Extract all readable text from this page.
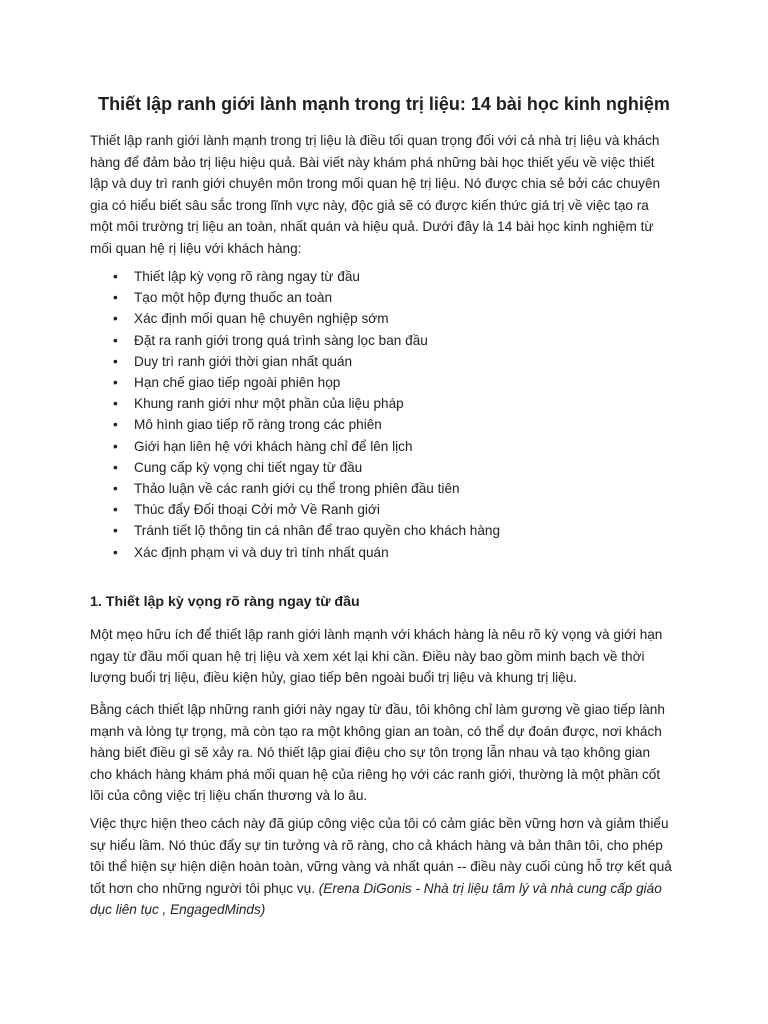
Thiết lập ranh giới lành mạnh trong trị liệu: 14 bài học kinh nghiệm

Thiết lập ranh giới lành mạnh trong trị liệu là điều tối quan trọng đối với cả nhà trị liệu và khách hàng để đảm bảo trị liệu hiệu quả. Bài viết này khám phá những bài học thiết yếu về việc thiết lập và duy trì ranh giới chuyên môn trong mối quan hệ trị liệu. Nó được chia sẻ bởi các chuyên gia có hiểu biết sâu sắc trong lĩnh vực này, độc giả sẽ có được kiến thức giá trị về việc tạo ra một môi trường trị liệu an toàn, nhất quán và hiệu quả. Dưới đây là 14 bài học kinh nghiệm từ mối quan hệ rị liệu với khách hàng:

• Thiết lập kỳ vọng rõ ràng ngay từ đầu
• Tạo một hộp đựng thuốc an toàn
• Xác định mối quan hệ chuyên nghiệp sớm
• Đặt ra ranh giới trong quá trình sàng lọc ban đầu
• Duy trì ranh giới thời gian nhất quán
• Hạn chế giao tiếp ngoài phiên họp
• Khung ranh giới như một phần của liệu pháp
• Mô hình giao tiếp rõ ràng trong các phiên
• Giới hạn liên hệ với khách hàng chỉ để lên lịch
• Cung cấp kỳ vọng chi tiết ngay từ đầu
• Thảo luận về các ranh giới cụ thể trong phiên đầu tiên
• Thúc đẩy Đối thoại Cởi mở Về Ranh giới
• Tránh tiết lộ thông tin cá nhân để trao quyền cho khách hàng
• Xác định phạm vi và duy trì tính nhất quán
1. Thiết lập kỳ vọng rõ ràng ngay từ đầu

Một mẹo hữu ích để thiết lập ranh giới lành mạnh với khách hàng là nêu rõ kỳ vọng và giới hạn ngay từ đầu mối quan hệ trị liệu và xem xét lại khi cần. Điều này bao gồm minh bạch về thời lượng buổi trị liệu, điều kiện hủy, giao tiếp bên ngoài buổi trị liệu và khung trị liệu.

Bằng cách thiết lập những ranh giới này ngay từ đầu, tôi không chỉ làm gương về giao tiếp lành mạnh và lòng tự trọng, mà còn tạo ra một không gian an toàn, có thể dự đoán được, nơi khách hàng biết điều gì sẽ xảy ra. Nó thiết lập giai điệu cho sự tôn trọng lẫn nhau và tạo không gian cho khách hàng khám phá mối quan hệ của riêng họ với các ranh giới, thường là một phần cốt lõi của công việc trị liệu chấn thương và lo âu.

Việc thực hiện theo cách này đã giúp công việc của tôi có cảm giác bền vững hơn và giảm thiểu sự hiểu lầm. Nó thúc đẩy sự tin tưởng và rõ ràng, cho cả khách hàng và bản thân tôi, cho phép tôi thể hiện sự hiện diện hoàn toàn, vững vàng và nhất quán -- điều này cuối cùng hỗ trợ kết quả tốt hơn cho những người tôi phục vụ. (Erena DiGonis - Nhà trị liệu tâm lý và nhà cung cấp giáo dục liên tục , EngagedMinds)
